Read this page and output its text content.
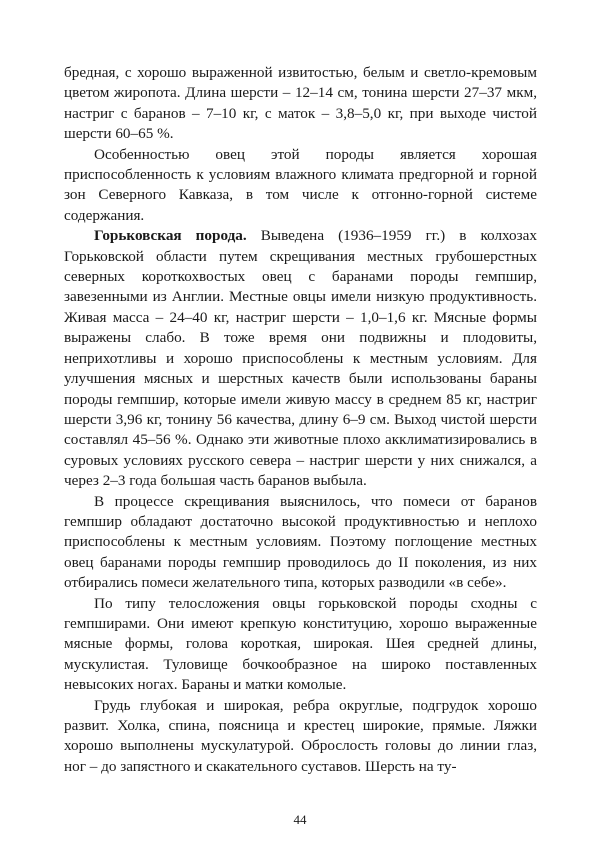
бредная, с хорошо выраженной извитостью, белым и светло-кремовым цветом жиропота. Длина шерсти – 12–14 см, тонина шерсти 27–37 мкм, настриг с баранов – 7–10 кг, с маток – 3,8–5,0 кг, при выходе чистой шерсти 60–65 %.

Особенностью овец этой породы является хорошая приспособленность к условиям влажного климата предгорной и горной зон Северного Кавказа, в том числе к отгонно-горной системе содержания.

Горьковская порода. Выведена (1936–1959 гг.) в колхозах Горьковской области путем скрещивания местных грубошерстных северных короткохвостых овец с баранами породы гемпшир, завезенными из Англии. Местные овцы имели низкую продуктивность. Живая масса – 24–40 кг, настриг шерсти – 1,0–1,6 кг. Мясные формы выражены слабо. В тоже время они подвижны и плодовиты, неприхотливы и хорошо приспособлены к местным условиям. Для улучшения мясных и шерстных качеств были использованы бараны породы гемпшир, которые имели живую массу в среднем 85 кг, настриг шерсти 3,96 кг, тонину 56 качества, длину 6–9 см. Выход чистой шерсти составлял 45–56 %. Однако эти животные плохо акклиматизировались в суровых условиях русского севера – настриг шерсти у них снижался, а через 2–3 года большая часть баранов выбыла.

В процессе скрещивания выяснилось, что помеси от баранов гемпшир обладают достаточно высокой продуктивностью и неплохо приспособлены к местным условиям. Поэтому поглощение местных овец баранами породы гемпшир проводилось до II поколения, из них отбирались помеси желательного типа, которых разводили «в себе».

По типу телосложения овцы горьковской породы сходны с гемпширами. Они имеют крепкую конституцию, хорошо выраженные мясные формы, голова короткая, широкая. Шея средней длины, мускулистая. Туловище бочкообразное на широко поставленных невысоких ногах. Бараны и матки комолые.

Грудь глубокая и широкая, ребра округлые, подгрудок хорошо развит. Холка, спина, поясница и крестец широкие, прямые. Ляжки хорошо выполнены мускулатурой. Оброслость головы до линии глаз, ног – до запястного и скакательного суставов. Шерсть на ту-

44
